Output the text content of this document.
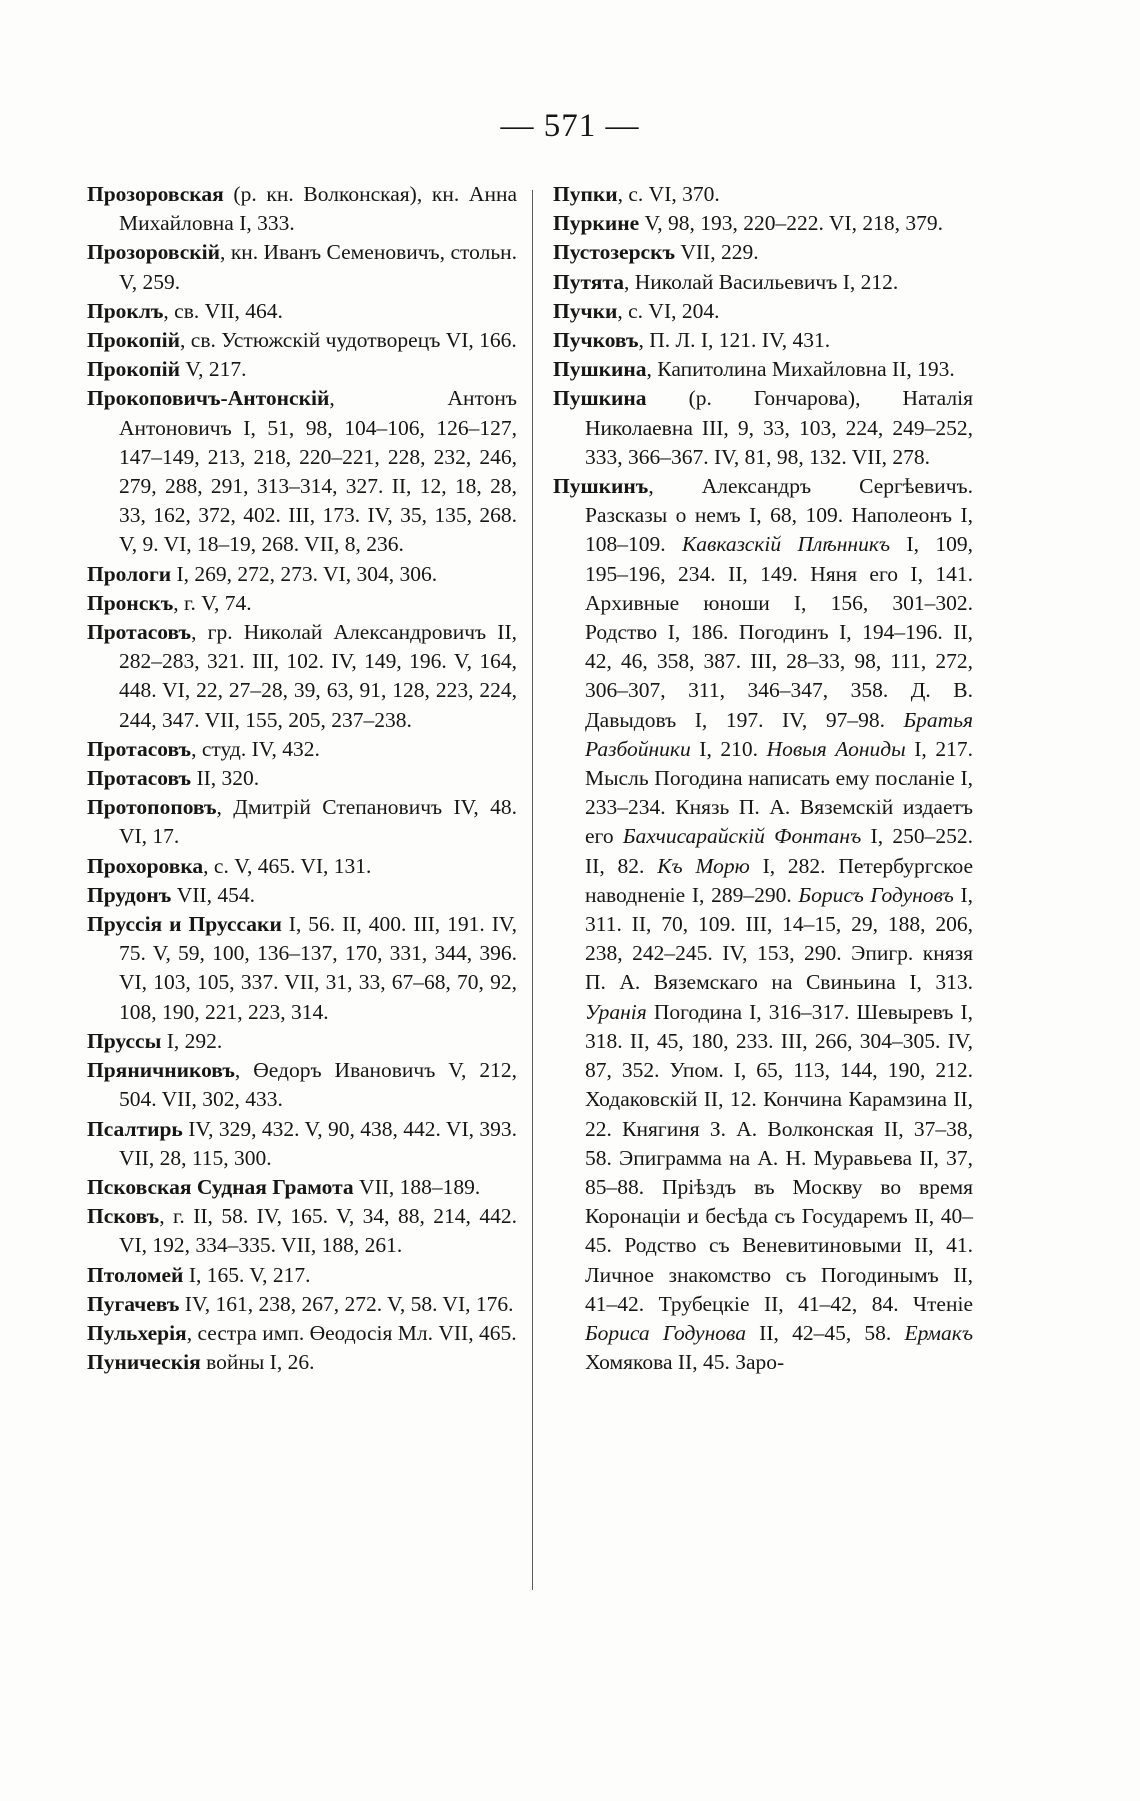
— 571 —

Прозоровская (р. кн. Волконская), кн. Анна Михайловна I, 333.

Прозоровскій, кн. Иванъ Семеновичъ, стольн. V, 259.

Проклъ, св. VII, 464.

Прокопій, св. Устюжскій чудотворецъ VI, 166.

Прокопій V, 217.

Прокоповичъ-Антонскій, Антонъ Антоновичъ I, 51, 98, 104–106, 126–127, 147–149, 213, 218, 220–221, 228, 232, 246, 279, 288, 291, 313–314, 327. II, 12, 18, 28, 33, 162, 372, 402. III, 173. IV, 35, 135, 268. V, 9. VI, 18–19, 268. VII, 8, 236.

Прологи I, 269, 272, 273. VI, 304, 306.

Пронскъ, г. V, 74.

Протасовъ, гр. Николай Александровичъ II, 282–283, 321. III, 102. IV, 149, 196. V, 164, 448. VI, 22, 27–28, 39, 63, 91, 128, 223, 224, 244, 347. VII, 155, 205, 237–238.

Протасовъ, студ. IV, 432.

Протасовъ II, 320.

Протопоповъ, Дмитрій Степановичъ IV, 48. VI, 17.

Прохоровка, с. V, 465. VI, 131.

Прудонъ VII, 454.

Пруссія и Пруссаки I, 56. II, 400. III, 191. IV, 75. V, 59, 100, 136–137, 170, 331, 344, 396. VI, 103, 105, 337. VII, 31, 33, 67–68, 70, 92, 108, 190, 221, 223, 314.

Пруссы I, 292.

Пряничниковъ, Өедоръ Ивановичъ V, 212, 504. VII, 302, 433.

Псалтирь IV, 329, 432. V, 90, 438, 442. VI, 393. VII, 28, 115, 300.

Псковская Судная Грамота VII, 188–189.

Псковъ, г. II, 58. IV, 165. V, 34, 88, 214, 442. VI, 192, 334–335. VII, 188, 261.

Птоломей I, 165. V, 217.

Пугачевъ IV, 161, 238, 267, 272. V, 58. VI, 176.

Пульхерія, сестра имп. Өеодосія Мл. VII, 465.

Пуническія войны I, 26.

Пупки, с. VI, 370.

Пуркине V, 98, 193, 220–222. VI, 218, 379.

Пустозерскъ VII, 229.

Путята, Николай Васильевичъ I, 212.

Пучки, с. VI, 204.

Пучковъ, П. Л. I, 121. IV, 431.

Пушкина, Капитолина Михайловна II, 193.

Пушкина (р. Гончарова), Наталія Николаевна III, 9, 33, 103, 224, 249–252, 333, 366–367. IV, 81, 98, 132. VII, 278.

Пушкинъ, Александръ Сергѣевичъ. Разсказы о немъ I, 68, 109. Наполеонъ I, 108–109. Кавказскій Плѣнникъ I, 109, 195–196, 234. II, 149. Няня его I, 141. Архивные юноши I, 156, 301–302. Родство I, 186. Погодинъ I, 194–196. II, 42, 46, 358, 387. III, 28–33, 98, 111, 272, 306–307, 311, 346–347, 358. Д. В. Давыдовъ I, 197. IV, 97–98. Братья Разбойники I, 210. Новыя Аониды I, 217. Мысль Погодина написать ему посланіе I, 233–234. Князь П. А. Вяземскій издаетъ его Бахчисарайскій Фонтанъ I, 250–252. II, 82. Къ Морю I, 282. Петербургское наводненіе I, 289–290. Борисъ Годуновъ I, 311. II, 70, 109. III, 14–15, 29, 188, 206, 238, 242–245. IV, 153, 290. Эпигр. князя П. А. Вяземскаго на Свиньина I, 313. Уранія Погодина I, 316–317. Шевыревъ I, 318. II, 45, 180, 233. III, 266, 304–305. IV, 87, 352. Упом. I, 65, 113, 144, 190, 212. Ходаковскій II, 12. Кончина Карамзина II, 22. Княгиня З. А. Волконская II, 37–38, 58. Эпиграмма на А. Н. Муравьева II, 37, 85–88. Пріѣздъ въ Москву во время Коронаціи и бесѣда съ Государемъ II, 40–45. Родство съ Веневитиновыми II, 41. Личное знакомство съ Погодинымъ II, 41–42. Трубецкіе II, 41–42, 84. Чтеніе Бориса Годунова II, 42–45, 58. Ермакъ Хомякова II, 45. Заро-
